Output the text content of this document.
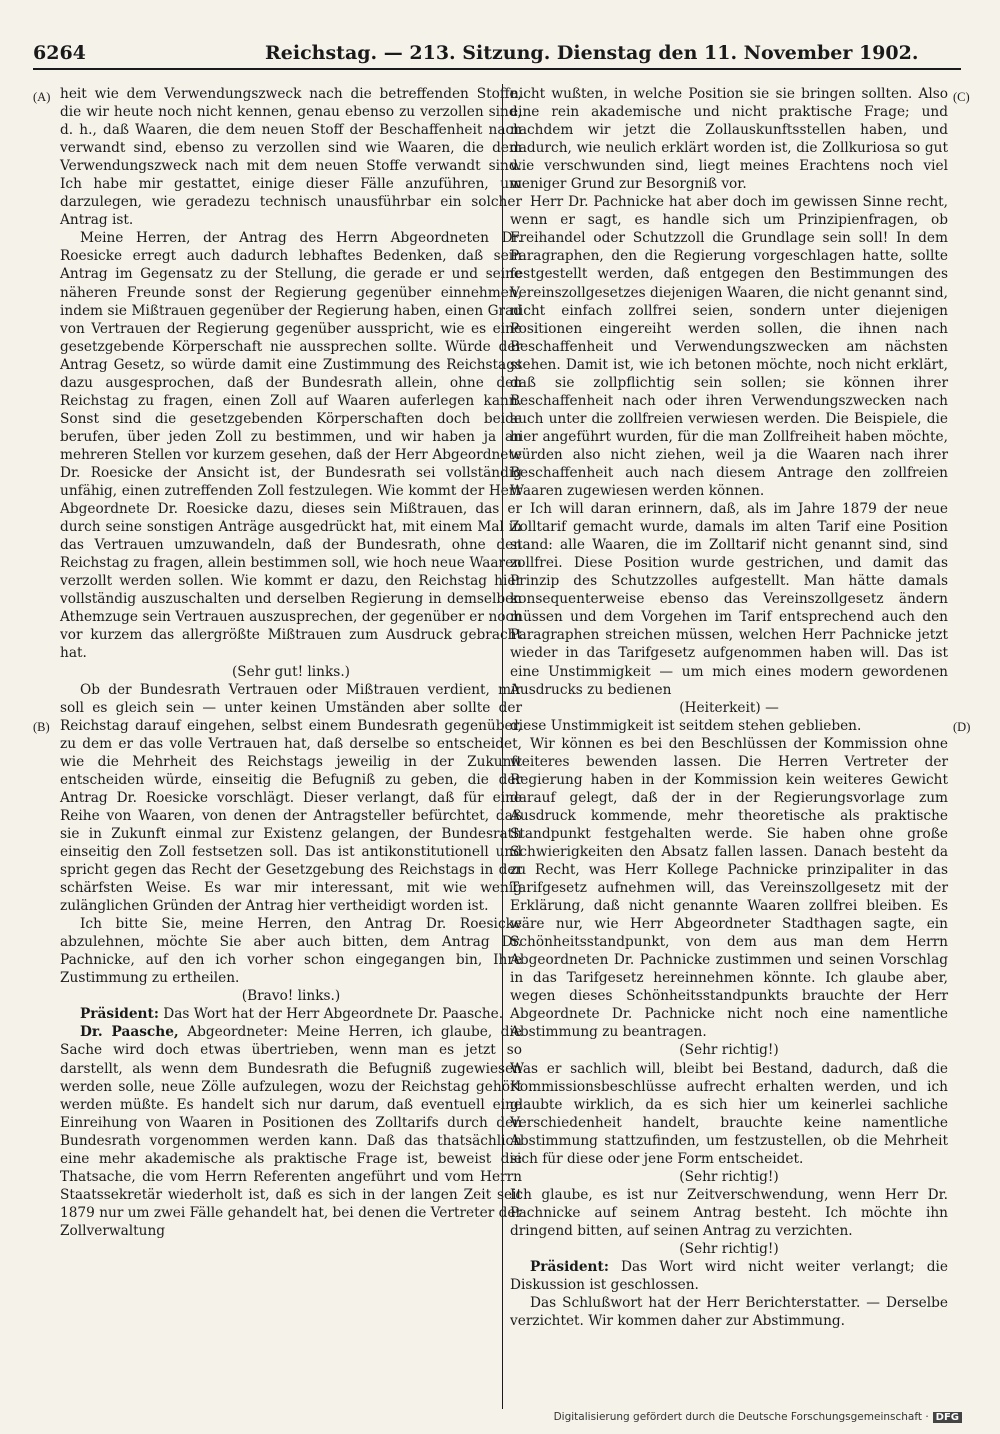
6264	Reichstag. — 213. Sitzung. Dienstag den 11. November 1902.
(A)
(B)
(C)
(D)

heit wie dem Verwendungszweck nach die betreffenden Stoffe, die wir heute noch nicht kennen, genau ebenso zu verzollen sind, d. h., daß Waaren, die dem neuen Stoff der Beschaffenheit nach verwandt sind, ebenso zu verzollen sind wie Waaren, die dem Verwendungszweck nach mit dem neuen Stoffe verwandt sind. Ich habe mir gestattet, einige dieser Fälle anzuführen, um darzulegen, wie geradezu technisch unausführbar ein solcher Antrag ist.

Meine Herren, der Antrag des Herrn Abgeordneten Dr. Roesicke erregt auch dadurch lebhaftes Bedenken, daß sein Antrag im Gegensatz zu der Stellung, die gerade er und seine näheren Freunde sonst der Regierung gegenüber einnehmen, indem sie Mißtrauen gegenüber der Regierung haben, einen Grad von Vertrauen der Regierung gegenüber ausspricht, wie es eine gesetzgebende Körperschaft nie aussprechen sollte. Würde der Antrag Gesetz, so würde damit eine Zustimmung des Reichstags dazu ausgesprochen, daß der Bundesrath allein, ohne den Reichstag zu fragen, einen Zoll auf Waaren auferlegen kann. Sonst sind die gesetzgebenden Körperschaften doch beide berufen, über jeden Zoll zu bestimmen, und wir haben ja an mehreren Stellen vor kurzem gesehen, daß der Herr Abgeordnete Dr. Roesicke der Ansicht ist, der Bundesrath sei vollständig unfähig, einen zutreffenden Zoll festzulegen. Wie kommt der Herr Abgeordnete Dr. Roesicke dazu, dieses sein Mißtrauen, das er durch seine sonstigen Anträge ausgedrückt hat, mit einem Mal in das Vertrauen umzuwandeln, daß der Bundesrath, ohne den Reichstag zu fragen, allein bestimmen soll, wie hoch neue Waaren verzollt werden sollen. Wie kommt er dazu, den Reichstag hier vollständig auszuschalten und derselben Regierung in demselben Athemzuge sein Vertrauen auszusprechen, der gegenüber er noch vor kurzem das allergrößte Mißtrauen zum Ausdruck gebracht hat.

(Sehr gut! links.)

Ob der Bundesrath Vertrauen oder Mißtrauen verdient, mir soll es gleich sein — unter keinen Umständen aber sollte der Reichstag darauf eingehen, selbst einem Bundesrath gegenüber, zu dem er das volle Vertrauen hat, daß derselbe so entscheidet, wie die Mehrheit des Reichstags jeweilig in der Zukunft entscheiden würde, einseitig die Befugniß zu geben, die der Antrag Dr. Roesicke vorschlägt. Dieser verlangt, daß für eine Reihe von Waaren, von denen der Antragsteller befürchtet, daß sie in Zukunft einmal zur Existenz gelangen, der Bundesrath einseitig den Zoll festsetzen soll. Das ist antikonstitutionell und spricht gegen das Recht der Gesetzgebung des Reichstags in der schärfsten Weise. Es war mir interessant, mit wie wenig zulänglichen Gründen der Antrag hier vertheidigt worden ist.

Ich bitte Sie, meine Herren, den Antrag Dr. Roesicke abzulehnen, möchte Sie aber auch bitten, dem Antrag Dr. Pachnicke, auf den ich vorher schon eingegangen bin, Ihre Zustimmung zu ertheilen.

(Bravo! links.)

Präsident: Das Wort hat der Herr Abgeordnete Dr. Paasche.

Dr. Paasche, Abgeordneter: Meine Herren, ich glaube, die Sache wird doch etwas übertrieben, wenn man es jetzt so darstellt, als wenn dem Bundesrath die Befugniß zugewiesen werden solle, neue Zölle aufzulegen, wozu der Reichstag gehört werden müßte. Es handelt sich nur darum, daß eventuell eine Einreihung von Waaren in Positionen des Zolltarifs durch den Bundesrath vorgenommen werden kann. Daß das thatsächlich eine mehr akademische als praktische Frage ist, beweist die Thatsache, die vom Herrn Referenten angeführt und vom Herrn Staatssekretär wiederholt ist, daß es sich in der langen Zeit seit 1879 nur um zwei Fälle gehandelt hat, bei denen die Vertreter der Zollverwaltung

nicht wußten, in welche Position sie sie bringen sollten. Also eine rein akademische und nicht praktische Frage; und nachdem wir jetzt die Zollauskunftsstellen haben, und dadurch, wie neulich erklärt worden ist, die Zollkuriosa so gut wie verschwunden sind, liegt meines Erachtens noch viel weniger Grund zur Besorgniß vor.

Herr Dr. Pachnicke hat aber doch im gewissen Sinne recht, wenn er sagt, es handle sich um Prinzipienfragen, ob Freihandel oder Schutzzoll die Grundlage sein soll! In dem Paragraphen, den die Regierung vorgeschlagen hatte, sollte festgestellt werden, daß entgegen den Bestimmungen des Vereinszollgesetzes diejenigen Waaren, die nicht genannt sind, nicht einfach zollfrei seien, sondern unter diejenigen Positionen eingereiht werden sollen, die ihnen nach Beschaffenheit und Verwendungszwecken am nächsten stehen. Damit ist, wie ich betonen möchte, noch nicht erklärt, daß sie zollpflichtig sein sollen; sie können ihrer Beschaffenheit nach oder ihren Verwendungszwecken nach auch unter die zollfreien verwiesen werden. Die Beispiele, die hier angeführt wurden, für die man Zollfreiheit haben möchte, würden also nicht ziehen, weil ja die Waaren nach ihrer Beschaffenheit auch nach diesem Antrage den zollfreien Waaren zugewiesen werden können.

Ich will daran erinnern, daß, als im Jahre 1879 der neue Zolltarif gemacht wurde, damals im alten Tarif eine Position stand: alle Waaren, die im Zolltarif nicht genannt sind, sind zollfrei. Diese Position wurde gestrichen, und damit das Prinzip des Schutzzolles aufgestellt. Man hätte damals konsequenterweise ebenso das Vereinszollgesetz ändern müssen und dem Vorgehen im Tarif entsprechend auch den Paragraphen streichen müssen, welchen Herr Pachnicke jetzt wieder in das Tarifgesetz aufgenommen haben will. Das ist eine Unstimmigkeit — um mich eines modern gewordenen Ausdrucks zu bedienen

(Heiterkeit) —

diese Unstimmigkeit ist seitdem stehen geblieben.

Wir können es bei den Beschlüssen der Kommission ohne weiteres bewenden lassen. Die Herren Vertreter der Regierung haben in der Kommission kein weiteres Gewicht darauf gelegt, daß der in der Regierungsvorlage zum Ausdruck kommende, mehr theoretische als praktische Standpunkt festgehalten werde. Sie haben ohne große Schwierigkeiten den Absatz fallen lassen. Danach besteht da zu Recht, was Herr Kollege Pachnicke prinzipaliter in das Tarifgesetz aufnehmen will, das Vereinszollgesetz mit der Erklärung, daß nicht genannte Waaren zollfrei bleiben. Es wäre nur, wie Herr Abgeordneter Stadthagen sagte, ein Schönheitsstandpunkt, von dem aus man dem Herrn Abgeordneten Dr. Pachnicke zustimmen und seinen Vorschlag in das Tarifgesetz hereinnehmen könnte. Ich glaube aber, wegen dieses Schönheitsstandpunkts brauchte der Herr Abgeordnete Dr. Pachnicke nicht noch eine namentliche Abstimmung zu beantragen.

(Sehr richtig!)

Was er sachlich will, bleibt bei Bestand, dadurch, daß die Kommissionsbeschlüsse aufrecht erhalten werden, und ich glaubte wirklich, da es sich hier um keinerlei sachliche Verschiedenheit handelt, brauchte keine namentliche Abstimmung stattzufinden, um festzustellen, ob die Mehrheit sich für diese oder jene Form entscheidet.

(Sehr richtig!)

Ich glaube, es ist nur Zeitverschwendung, wenn Herr Dr. Pachnicke auf seinem Antrag besteht. Ich möchte ihn dringend bitten, auf seinen Antrag zu verzichten.

(Sehr richtig!)

Präsident: Das Wort wird nicht weiter verlangt; die Diskussion ist geschlossen.

Das Schlußwort hat der Herr Berichterstatter. — Derselbe verzichtet. Wir kommen daher zur Abstimmung.

Digitalisierung gefördert durch die Deutsche Forschungsgemeinschaft · DFG
